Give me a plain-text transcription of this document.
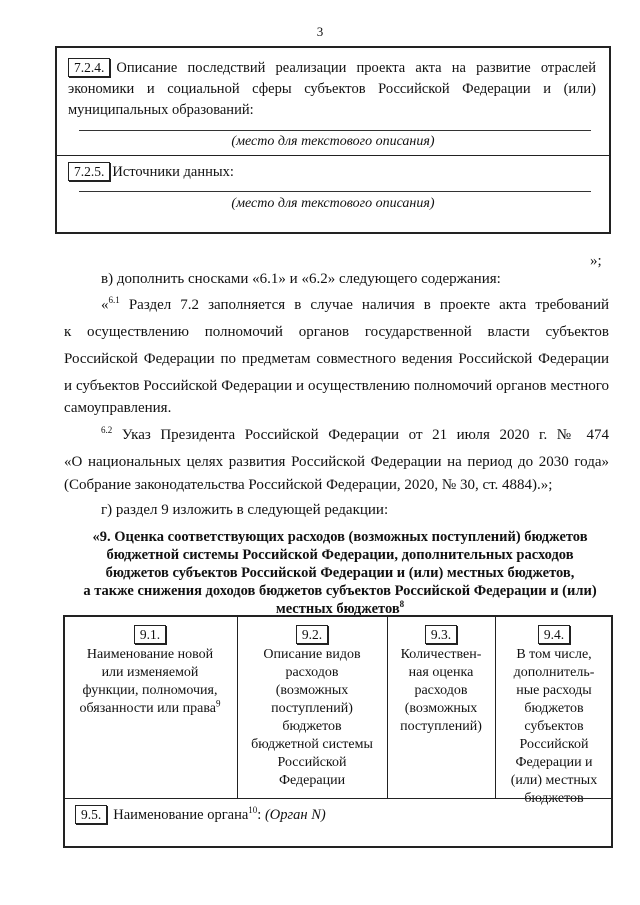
3
7.2.4. Описание последствий реализации проекта акта на развитие отраслей экономики и социальной сферы субъектов Российской Федерации и (или) муниципальных образований:
(место для текстового описания)
7.2.5. Источники данных:
(место для текстового описания)
»;
в) дополнить сносками «6.1» и «6.2» следующего содержания:
«$^{6.1}$ Раздел 7.2 заполняется в случае наличия в проекте акта требований
к осуществлению полномочий органов государственной власти субъектов
Российской Федерации по предметам совместного ведения Российской Федерации
и субъектов Российской Федерации и осуществлению полномочий органов местного
самоуправления.
$^{6.2}$ Указ Президента Российской Федерации от 21 июля 2020 г. № 474
«О национальных целях развития Российской Федерации на период до 2030 года»
(Собрание законодательства Российской Федерации, 2020, № 30, ст. 4884).»;
г) раздел 9 изложить в следующей редакции:
«9. Оценка соответствующих расходов (возможных поступлений) бюджетов
бюджетной системы Российской Федерации, дополнительных расходов
бюджетов субъектов Российской Федерации и (или) местных бюджетов,
а также снижения доходов бюджетов субъектов Российской Федерации и (или)
местных бюджетов$^8$
9.1.
Наименование новой
или изменяемой
функции, полномочия,
обязанности или права$^9$
9.2.
Описание видов
расходов
(возможных
поступлений)
бюджетов
бюджетной системы
Российской
Федерации
9.3.
Количествен-
ная оценка
расходов
(возможных
поступлений)
9.4.
В том числе,
дополнитель-
ные расходы
бюджетов
субъектов
Российской
Федерации и
(или) местных
бюджетов
9.5. Наименование органа$^{10}$: (Орган N)
